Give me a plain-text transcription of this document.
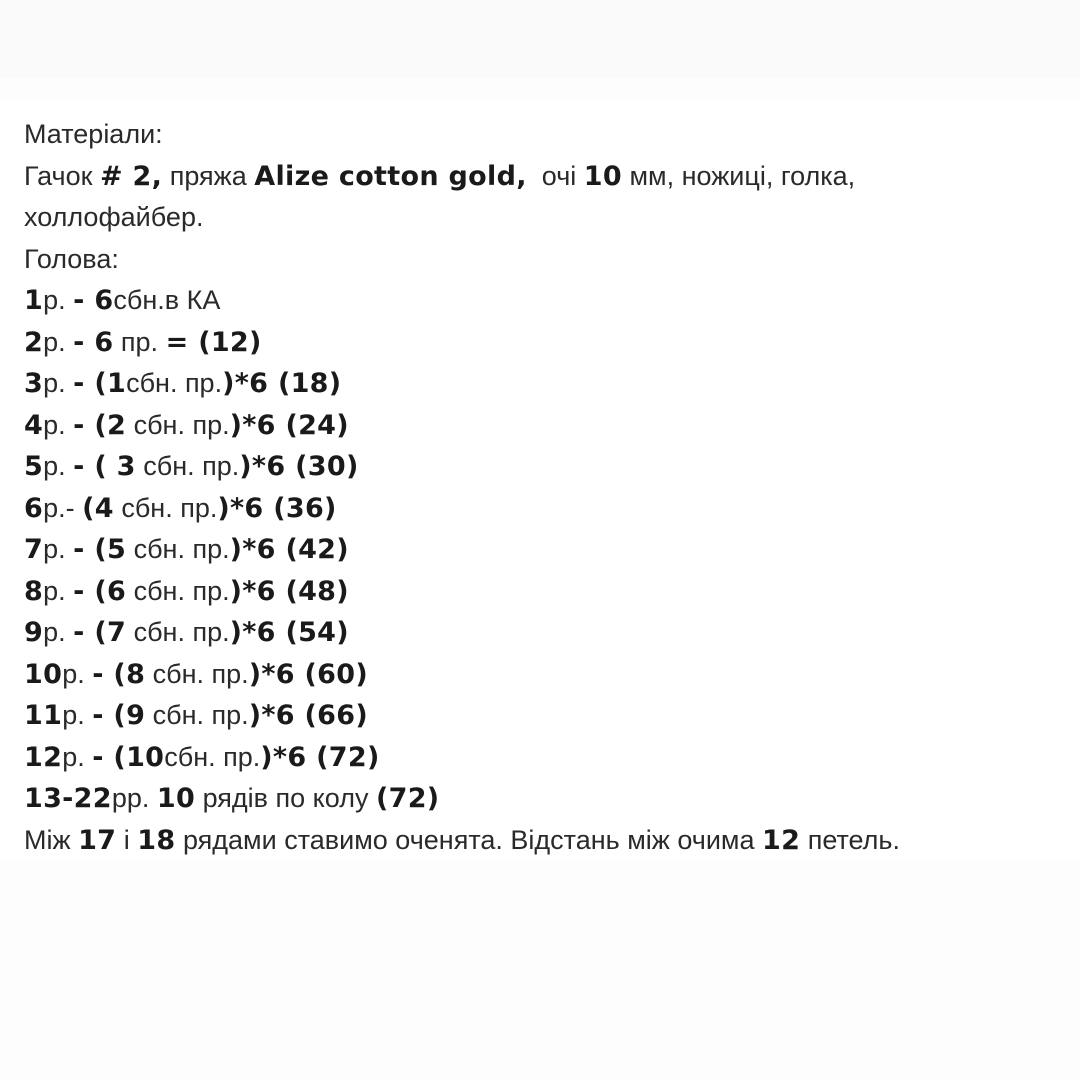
Матеріали:
Гачок # 2, пряжа Alize cotton gold,  очі 10 мм, ножиці, голка,
холлофайбер.
Голова:
1р. - 6сбн.в КА
2р. - 6 пр. = (12)
3р. - (1сбн. пр.)*6 (18)
4р. - (2 сбн. пр.)*6 (24)
5р. - ( 3 сбн. пр.)*6 (30)
6р.- (4 сбн. пр.)*6 (36)
7р. - (5 сбн. пр.)*6 (42)
8р. - (6 сбн. пр.)*6 (48)
9р. - (7 сбн. пр.)*6 (54)
10р. - (8 сбн. пр.)*6 (60)
11р. - (9 сбн. пр.)*6 (66)
12р. - (10сбн. пр.)*6 (72)
13-22рр. 10 рядів по колу (72)
Між 17 і 18 рядами ставимо оченята. Відстань між очима 12 петель.
